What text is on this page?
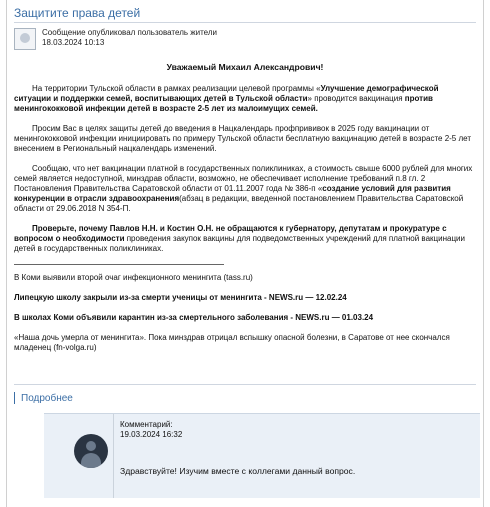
Защитите права детей
Сообщение опубликовал пользователь жители
18.03.2024 10:13
Уважаемый Михаил Александрович!

На территории Тульской области в рамках реализации целевой программы «Улучшение демографической ситуации и поддержки семей, воспитывающих детей в Тульской области» проводится вакцинация против менингококковой инфекции детей в возрасте 2-5 лет из малоимущих семей.

Просим Вас в целях защиты детей до введения в Нацкалендарь профпрививок в 2025 году вакцинации от менингококковой инфекции инициировать по примеру Тульской области бесплатную вакцинацию детей в возрасте 2-5 лет внесением в Региональный нацкалендарь изменений.

Сообщаю, что нет вакцинации платной в государственных поликлиниках, а стоимость свыше 6000 рублей для многих семей является недоступной, минздрав области, возможно, не обеспечивает исполнение требований п.8 гл. 2 Постановления Правительства Саратовской области от 01.11.2007 года № 386-п «создание условий для развития конкуренции в отрасли здравоохранения(абзац в редакции, введенной постановлением Правительства Саратовской области от 29.06.2018 N 354-П.

Проверьте, почему Павлов Н.Н. и Костин О.Н. не обращаются к губернатору, депутатам и прокуратуре с вопросом о необходимости проведения закупок вакцины для подведомственных учреждений для платной вакцинации детей в государственных поликлиниках.

В Коми выявили второй очаг инфекционного менингита (tass.ru)

Липецкую школу закрыли из-за смерти ученицы от менингита - NEWS.ru — 12.02.24

В школах Коми объявили карантин из-за смертельного заболевания - NEWS.ru — 01.03.24

«Наша дочь умерла от менингита». Пока минздрав отрицал вспышку опасной болезни, в Саратове от нее скончался младенец (fn-volga.ru)

Подробнее
Комментарий:
19.03.2024 16:32
Здравствуйте! Изучим вместе с коллегами данный вопрос.
